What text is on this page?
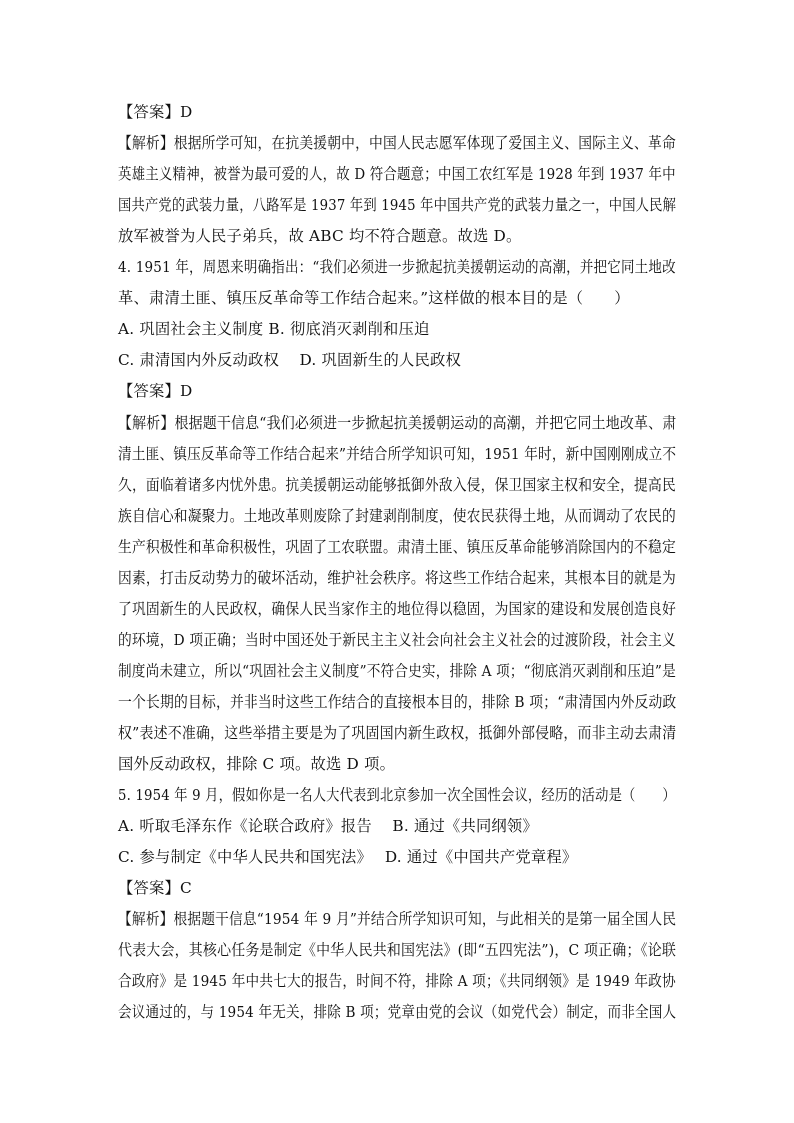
【答案】D
【解析】根据所学可知，在抗美援朝中，中国人民志愿军体现了爱国主义、国际主义、革命
英雄主义精神，被誉为最可爱的人，故 D 符合题意；中国工农红军是 1928 年到 1937 年中
国共产党的武装力量，八路军是 1937 年到 1945 年中国共产党的武装力量之一，中国人民解
放军被誉为人民子弟兵，故 ABC 均不符合题意。故选 D。
4. 1951 年，周恩来明确指出：“我们必须进一步掀起抗美援朝运动的高潮，并把它同土地改
革、肃清土匪、镇压反革命等工作结合起来。”这样做的根本目的是（　　）
A. 巩固社会主义制度 B. 彻底消灭剥削和压迫
C. 肃清国内外反动政权　 D. 巩固新生的人民政权
【答案】D
【解析】根据题干信息“我们必须进一步掀起抗美援朝运动的高潮，并把它同土地改革、肃
清土匪、镇压反革命等工作结合起来”并结合所学知识可知，1951 年时，新中国刚刚成立不
久，面临着诸多内忧外患。抗美援朝运动能够抵御外敌入侵，保卫国家主权和安全，提高民
族自信心和凝聚力。土地改革则废除了封建剥削制度，使农民获得土地，从而调动了农民的
生产积极性和革命积极性，巩固了工农联盟。肃清土匪、镇压反革命能够消除国内的不稳定
因素，打击反动势力的破坏活动，维护社会秩序。将这些工作结合起来，其根本目的就是为
了巩固新生的人民政权，确保人民当家作主的地位得以稳固，为国家的建设和发展创造良好
的环境，D 项正确；当时中国还处于新民主主义社会向社会主义社会的过渡阶段，社会主义
制度尚未建立，所以“巩固社会主义制度”不符合史实，排除 A 项；“彻底消灭剥削和压迫”是
一个长期的目标，并非当时这些工作结合的直接根本目的，排除 B 项；“肃清国内外反动政
权”表述不准确，这些举措主要是为了巩固国内新生政权，抵御外部侵略，而非主动去肃清
国外反动政权，排除 C 项。故选 D 项。
5. 1954 年 9 月，假如你是一名人大代表到北京参加一次全国性会议，经历的活动是（　　）
A. 听取毛泽东作《论联合政府》报告　 B. 通过《共同纲领》
C. 参与制定《中华人民共和国宪法》　 D. 通过《中国共产党章程》
【答案】C
【解析】根据题干信息“1954 年 9 月”并结合所学知识可知，与此相关的是第一届全国人民
代表大会，其核心任务是制定《中华人民共和国宪法》(即“五四宪法”)，C 项正确；《论联
合政府》是 1945 年中共七大的报告，时间不符，排除 A 项；《共同纲领》是 1949 年政协
会议通过的，与 1954 年无关，排除 B 项；党章由党的会议（如党代会）制定，而非全国人
